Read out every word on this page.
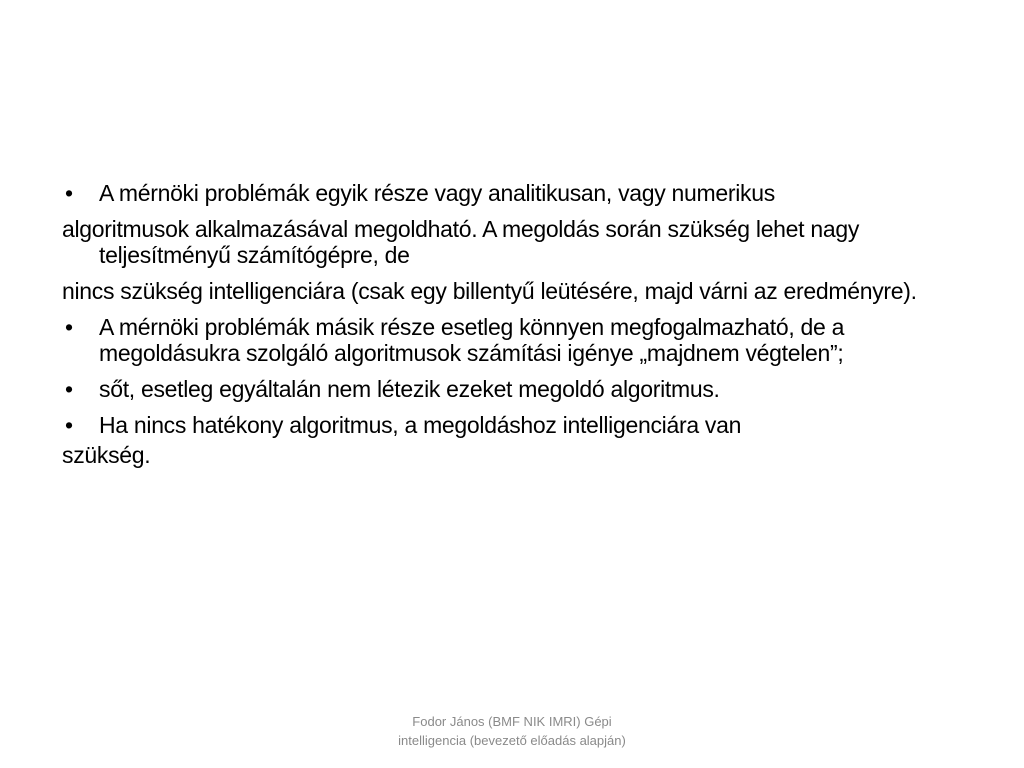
•	A mérnöki problémák egyik része vagy analitikusan, vagy numerikus
algoritmusok alkalmazásával megoldható. A megoldás során szükség lehet nagy teljesítményű számítógépre, de
nincs szükség intelligenciára (csak egy billentyű leütésére, majd várni az eredményre).
•	A mérnöki problémák másik része esetleg könnyen megfogalmazható, de a megoldásukra szolgáló algoritmusok számítási igénye „majdnem végtelen”;
•	sőt, esetleg egyáltalán nem létezik ezeket megoldó algoritmus.
•	Ha nincs hatékony algoritmus, a megoldáshoz intelligenciára van
szükség.
Fodor János (BMF NIK IMRI) Gépi
intelligencia (bevezető előadás alapján)
